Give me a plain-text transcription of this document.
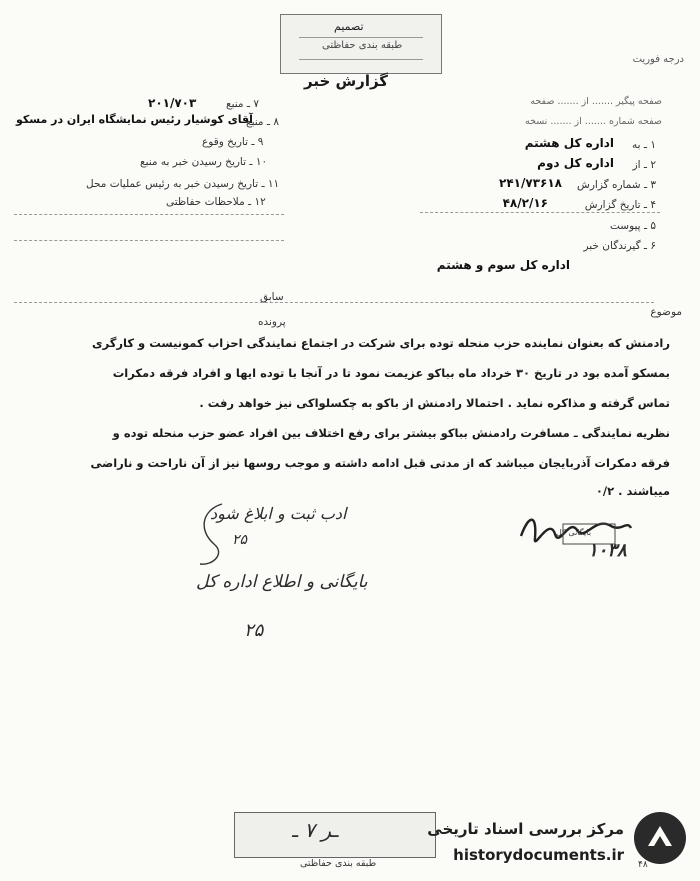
تصمیم
طبقه بندی حفاظتی
گزارش خبر
درجه فوریت
۲۰۱/۷۰۳	۷ ـ منبع
آقای کوشیار رئیس نمایشگاه ایران در مسکو
۸ ـ منبع
۹ ـ تاریخ وقوع
۱۰ ـ تاریخ رسیدن خبر به منبع
۱۱ ـ تاریخ رسیدن خبر به رئیس عملیات محل
۱۲ ـ ملاحظات حفاظتی
صفحه پیگیر ....... از ....... صفحه
صفحه شماره ....... از ....... نسخه
۱ ـ به
اداره کل هشتم
۲ ـ از
اداره کل دوم
۳ ـ شماره گزارش
۲۴۱/۷۳۶۱۸
۴ ـ تاریخ گزارش
۴۸/۲/۱۶
۵ ـ پیوست
۶ ـ گیرندگان خبر
اداره کل سوم و هشتم
سابق
پرونده
موضوع
رادمنش که بعنوان نماینده حزب منحله توده برای شرکت در اجتماع نمایندگی احزاب کمونیست و کارگری
بمسکو آمده بود در تاریخ ۳۰ خرداد ماه بباکو عزیمت نمود تا در آنجا با توده ایها و افراد فرقه دمکرات
تماس گرفته و مذاکره نماید . احتمالا رادمنش از باکو به چکسلواکی نیز خواهد رفت .
نظریه نمایندگی ـ مسافرت رادمنش بباکو بیشتر برای رفع اختلاف بین افراد عضو حزب منحله توده و
فرقه دمکرات آذربایجان میباشد که از مدتی قبل ادامه داشته و موجب روسها نیز از آن ناراحت و ناراضی
میباشند . ۰/۲
ادب ثبت و ابلاغ شود
۲۵
بایگانی و اطلاع اداره کل
۲۵
بایگانی کل
۱۰۳۸
ـر ۷ ـ
طبقه بندی حفاظتی	۴۸
مرکز بررسی اسناد تاریخی
historydocuments.ir
